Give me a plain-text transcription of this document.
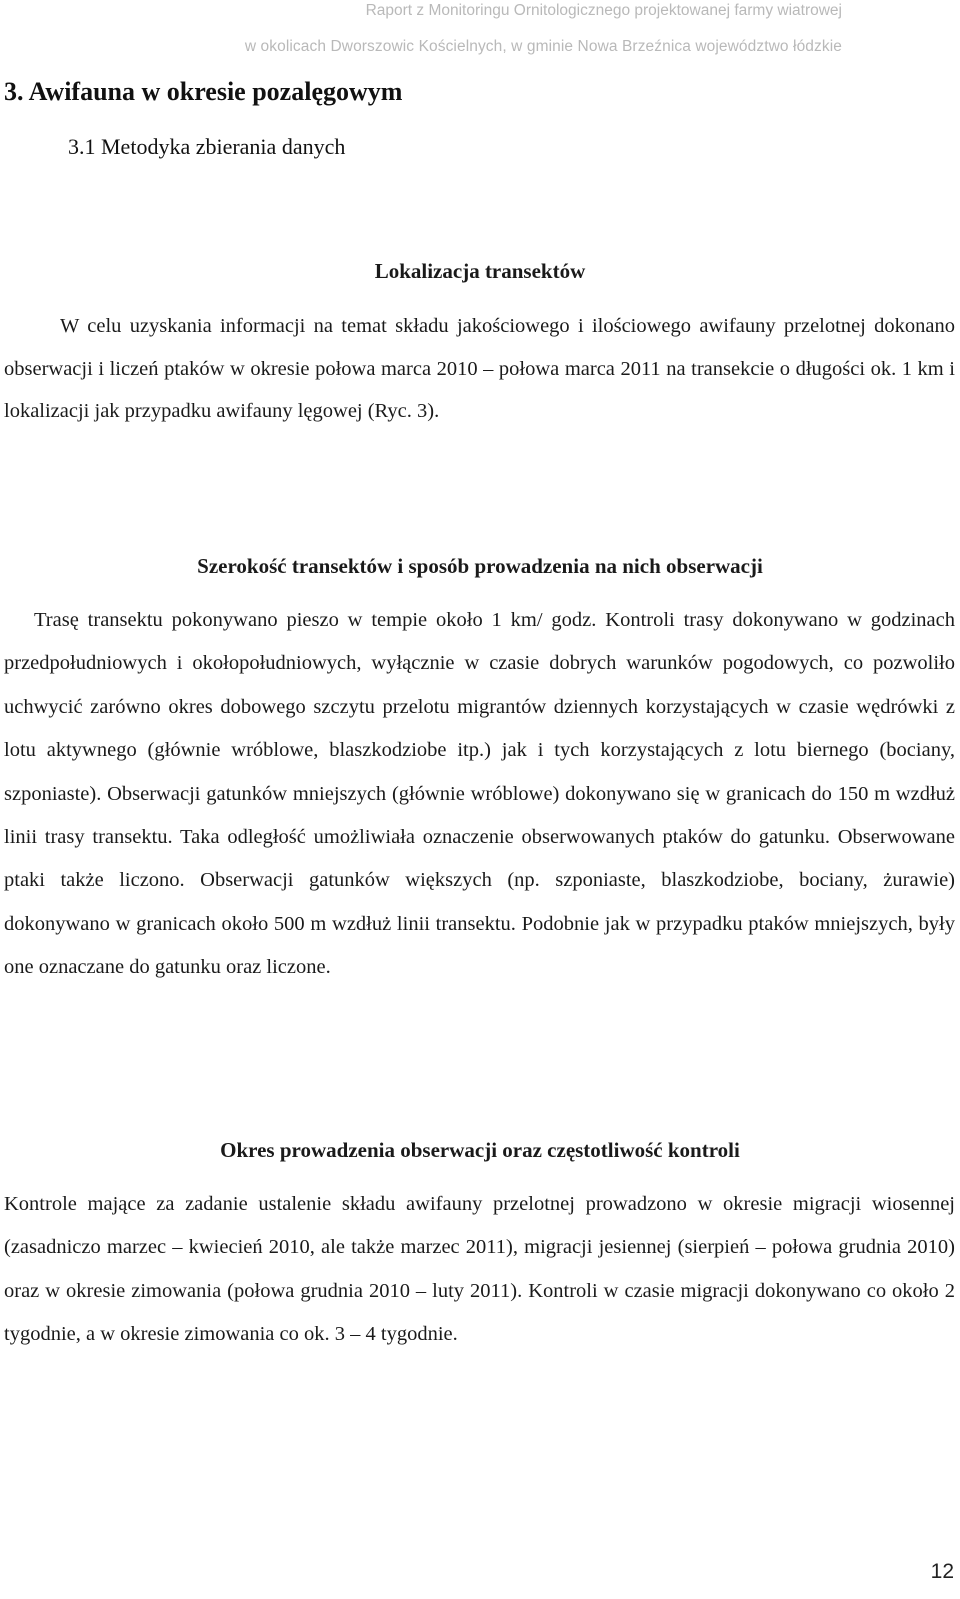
Raport z Monitoringu Ornitologicznego projektowanej farmy wiatrowej
w okolicach Dworszowic Kościelnych, w gminie Nowa Brzeźnica województwo łódzkie
3. Awifauna w okresie pozalęgowym
3.1 Metodyka zbierania danych
Lokalizacja transektów

W celu uzyskania informacji na temat składu jakościowego i ilościowego awifauny przelotnej dokonano obserwacji i liczeń ptaków w okresie połowa marca 2010 – połowa marca 2011 na transekcie o długości ok. 1 km i lokalizacji jak przypadku awifauny lęgowej (Ryc. 3).

Szerokość transektów i sposób prowadzenia na nich obserwacji

Trasę transektu pokonywano pieszo w tempie około 1 km/ godz. Kontroli trasy dokonywano w godzinach przedpołudniowych i okołopołudniowych, wyłącznie w czasie dobrych warunków pogodowych, co pozwoliło uchwycić zarówno okres dobowego szczytu przelotu migrantów dziennych korzystających w czasie wędrówki z lotu aktywnego (głównie wróblowe, blaszkodziobe itp.) jak i tych korzystających z lotu biernego (bociany, szponiaste). Obserwacji gatunków mniejszych (głównie wróblowe) dokonywano się w granicach do 150 m wzdłuż linii trasy transektu. Taka odległość umożliwiała oznaczenie obserwowanych ptaków do gatunku. Obserwowane ptaki także liczono. Obserwacji gatunków większych (np. szponiaste, blaszkodziobe, bociany, żurawie) dokonywano w granicach około 500 m wzdłuż linii transektu. Podobnie jak w przypadku ptaków mniejszych, były one oznaczane do gatunku oraz liczone.

Okres prowadzenia obserwacji oraz częstotliwość kontroli

Kontrole mające za zadanie ustalenie składu awifauny przelotnej prowadzono w okresie migracji wiosennej (zasadniczo marzec – kwiecień 2010, ale także marzec 2011), migracji jesiennej (sierpień – połowa grudnia 2010) oraz w okresie zimowania (połowa grudnia 2010 – luty 2011). Kontroli w czasie migracji dokonywano co około 2 tygodnie, a w okresie zimowania co ok. 3 – 4 tygodnie.

12
